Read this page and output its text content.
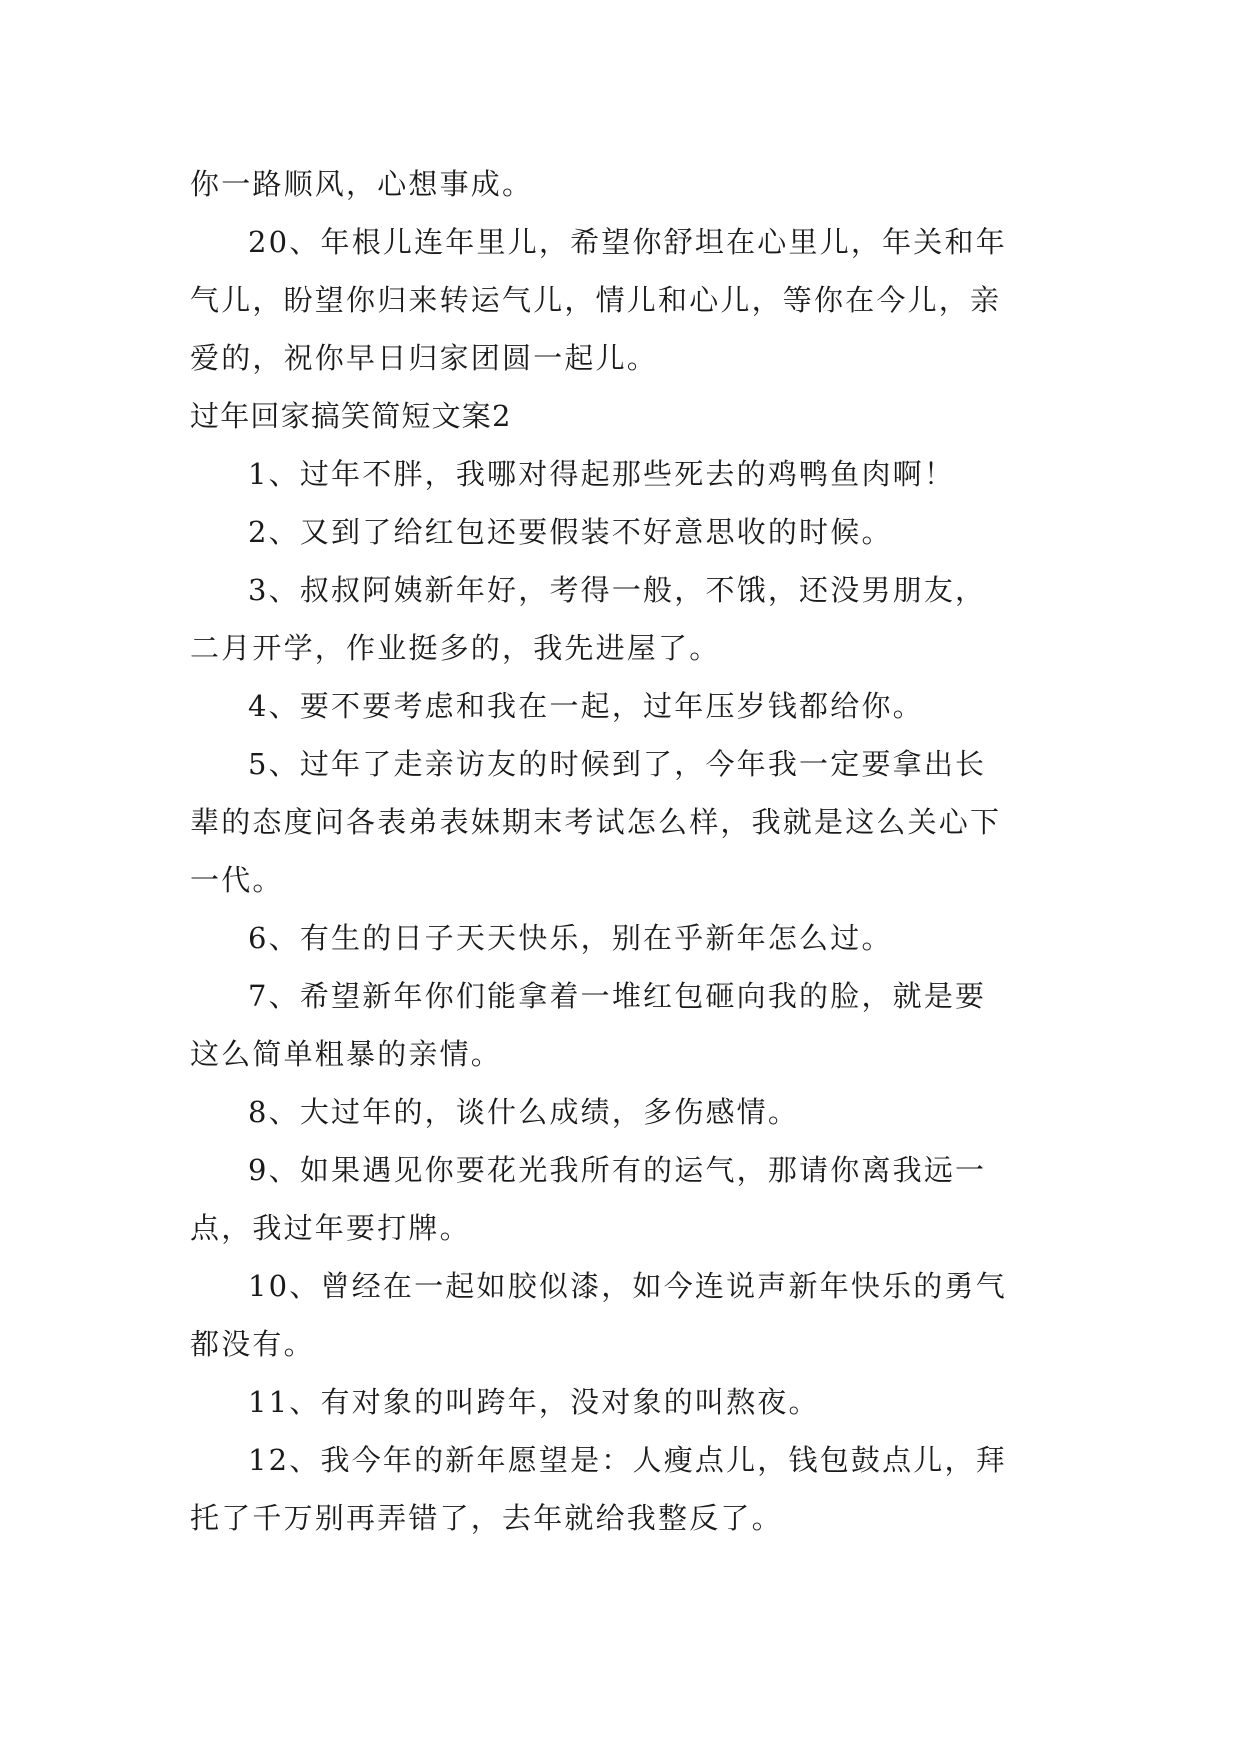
你一路顺风，心想事成。
20、年根儿连年里儿，希望你舒坦在心里儿，年关和年
气儿，盼望你归来转运气儿，情儿和心儿，等你在今儿，亲
爱的，祝你早日归家团圆一起儿。
过年回家搞笑简短文案2
1、过年不胖，我哪对得起那些死去的鸡鸭鱼肉啊！
2、又到了给红包还要假装不好意思收的时候。
3、叔叔阿姨新年好，考得一般，不饿，还没男朋友，
二月开学，作业挺多的，我先进屋了。
4、要不要考虑和我在一起，过年压岁钱都给你。
5、过年了走亲访友的时候到了，今年我一定要拿出长
辈的态度问各表弟表妹期末考试怎么样，我就是这么关心下
一代。
6、有生的日子天天快乐，别在乎新年怎么过。
7、希望新年你们能拿着一堆红包砸向我的脸，就是要
这么简单粗暴的亲情。
8、大过年的，谈什么成绩，多伤感情。
9、如果遇见你要花光我所有的运气，那请你离我远一
点，我过年要打牌。
10、曾经在一起如胶似漆，如今连说声新年快乐的勇气
都没有。
11、有对象的叫跨年，没对象的叫熬夜。
12、我今年的新年愿望是：人瘦点儿，钱包鼓点儿，拜
托了千万别再弄错了，去年就给我整反了。
